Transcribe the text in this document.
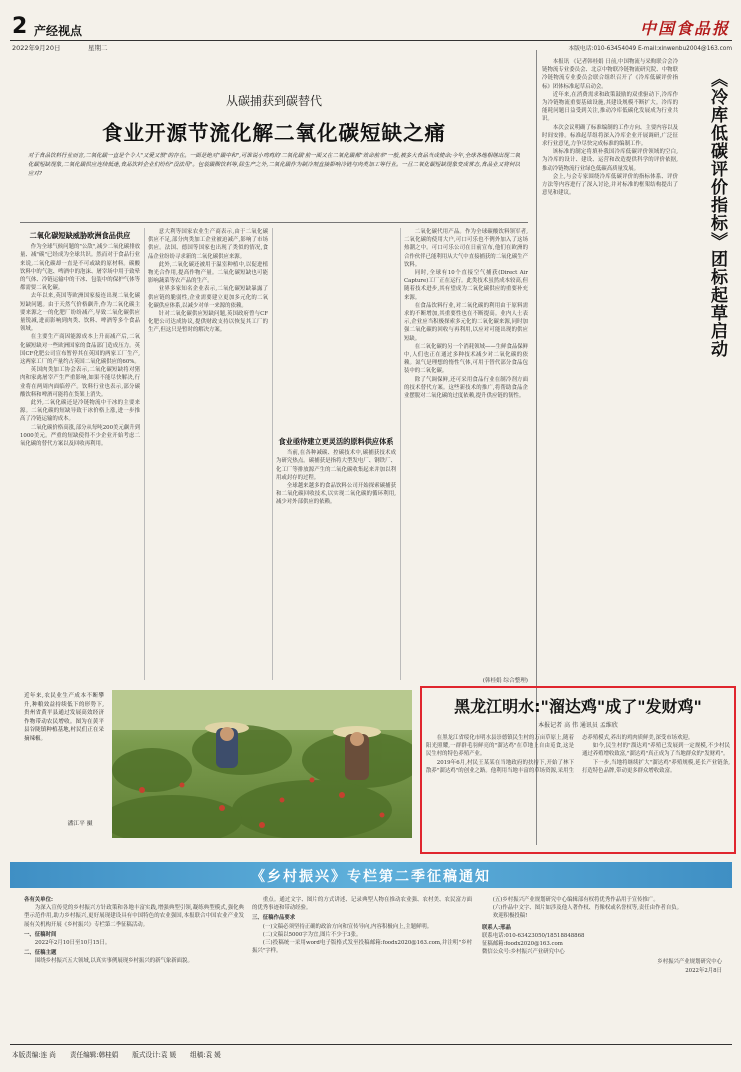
2 产经视点
2022年9月20日	星期二
中国食品报
本版电话:010-63454049 E-mail:xinwenbu2004@163.com
从碳捕获到碳替代
食业开源节流化解二氧化碳短缺之痛
对于食品饮料行业而言,二氧化碳一直是个令人"又爱又恨"的存在。一面是绝对"碳中和",可谁说小鸡鸡的'二氧化碳'前一面又在二氧化碳都"效命前率"一般,被多大食品当成使命;今年,全球各地相继出现二氧化碳短缺现象,二氧化碳供应连续低迷,食品饮料企业们纷纷"没法用"。包装碳酸饮料等,除生产之外,二氧化碳作为制冷剂直接影响冷链与肉类加工等行业。一旦二氧化碳短缺现象变成常态,食品业又将何以应对?
二氧化碳短缺威胁欧洲食品供应

作为全球气候问题的"公敌",减少二氧化碳排放量、减"碳"已经成为全球共识。然而对于食品行业来说,二氧化碳却一直是不可或缺的原材料。碳酸饮料中的气泡、啤酒中的泡沫、屠宰场中用于致晕的气体、冷链运输中的干冰、包装中的保护气体等都需要二氧化碳。

去年以来,英国等欧洲国家接连出现二氧化碳短缺问题。由于天然气价格飙升,作为二氧化碳主要来源之一的化肥厂纷纷减产,导致二氧化碳供应量锐减,进而影响到肉类、饮料、啤酒等多个食品领域。

在主要生产商因能源成本上升而减产后,二氧化碳短缺对一些欧洲国家的食品部门造成压力。英国CF化肥公司宣布暂停其在英国的两家工厂生产,这两家工厂的产量约占英国二氧化碳供应的60%。

英国肉类加工协会表示,二氧化碳短缺将对猪肉和家禽屠宰产生严重影响,如果不能尽快解决,行业将在两周内面临停产。饮料行业也表示,部分碳酸饮料和啤酒可能将在货架上消失。

此外,二氧化碳还是冷链物流中干冰的主要来源。二氧化碳的短缺导致干冰价格上涨,进一步推高了冷链运输的成本。

二氧化碳价格高涨,部分从每吨200美元飙升到1000美元。严重的短缺使得不少企业开始考虑二氧化碳的替代方案以及回收再利用。

意大利等国家农业生产商表示,由于二氧化碳供应不足,部分肉类加工企业被迫减产,影响了市场供应。法国、德国等国家也出现了类似的情况,食品企业纷纷寻求新的二氧化碳供应来源。

此外,二氧化碳还被用于温室种植中,以促进植物光合作用,提高作物产量。二氧化碳短缺也可能影响蔬菜等农产品的生产。

业界多家知名企业表示,二氧化碳短缺暴露了供应链的脆弱性,企业需要建立更加多元化的二氧化碳供应体系,以减少对单一来源的依赖。

针对二氧化碳供应短缺问题,英国政府曾与CF化肥公司达成协议,提供财政支持以恢复其工厂的生产,但这只是暂时的解决方案。

食业亟待建立更灵活的原料供应体系

当前,在各种减碳、控碳技术中,碳捕获技术成为研究热点。碳捕获是指将大型发电厂、钢铁厂、化工厂等排放源产生的二氧化碳收集起来并加以利用或封存的过程。

全球越来越多的食品饮料公司开始探索碳捕获和二氧化碳回收技术,以实现二氧化碳的循环利用,减少对外部供应的依赖。

二氧化碳代用产品。作为全球碳酸饮料领军者,二氧化碳的使用大户,可口可乐也不例外加入了这场热潮之中。可口可乐公司在日前宣布,他们在欧洲的合作伙伴已能利用从大气中直接捕获的二氧化碳生产饮料。

同时,全球有10个直接空气捕获(Direct Air Capture)工厂正在运行。此类技术虽然成本较高,但随着技术进步,其有望成为二氧化碳供应的重要补充来源。

在食品饮料行业,对二氧化碳的利用由于原料需求的不断增加,其重要性也在不断提高。业内人士表示,企业应当积极探索多元化的二氧化碳来源,同时加强二氧化碳的回收与再利用,以应对可能出现的供应短缺。

在二氧化碳的另一个消耗领域——生鲜食品保鲜中,人们也正在通过多种技术减少对二氧化碳的依赖。氮气是理想的惰性气体,可用于替代部分食品包装中的二氧化碳。

除了气调保鲜,还可采用食品行业在制冷剂方面的技术替代方案。这些新技术的推广,将帮助食品企业摆脱对二氧化碳的过度依赖,提升供应链的韧性。

(韩桂娟 综合整理)

本报讯 《记者韩桂娟 日前,中国物流与采购联合会冷链物流专业委员会、北京中物联冷链物流研究院、中物联冷链物流专业委员会联合组织召开了《冷库低碳评价指标》团体标准起草启动会。

近年来,在消费需求和政策鼓励的双重驱动下,冷库作为冷链物流重要基础设施,其建设规模不断扩大。冷库的能耗问题日益受到关注,推动冷库低碳化发展成为行业共识。

本次会议明确了标准编制的工作方向、主要内容以及时间安排。标准起草组将深入冷库企业开展调研,广泛征求行业意见,力争尽快完成标准的编制工作。

该标准的制定将填补我国冷库低碳评价领域的空白,为冷库的设计、建设、运营和改造提供科学的评价依据,推动冷链物流行业绿色低碳高质量发展。

会上,与会专家围绕冷库低碳评价的指标体系、评价方法等内容进行了深入讨论,并对标准的框架结构提出了意见和建议。	《冷库低碳评价指标》团标起草启动
近年来,农民业生产成本不断攀升,种粮效益持续低下的形势下,贵州省黄平县通过发展高效经济作物带动农民增收。图为在黄平县谷陇镇种植基地,村民们正在采摘辣椒。
潘江平 摄
黑龙江明水:"溜达鸡"成了"发财鸡"
本报记者 高 伟 通讯员 孟维欣

在黑龙江省绥化市明水县崇德镇民生村的万亩草原上,随着阳光照耀,一群群毛羽鲜亮的"溜达鸡"在草地上自由觅食,这是民生村的特色养殖产业。

2019年6月,村民王某某在当地政府的扶持下,开始了林下散养"溜达鸡"的创业之路。他利用当地丰富的草场资源,采用生态养殖模式,养出的鸡肉质鲜美,深受市场欢迎。

如今,民生村的"溜达鸡"养殖已发展到一定规模,不少村民通过养殖增收致富,"溜达鸡"真正成为了当地群众的"发财鸡"。

下一步,当地将继续扩大"溜达鸡"养殖规模,延长产业链条,打造特色品牌,带动更多群众增收致富。

《乡村振兴》专栏第二季征稿通知
各有关单位:

为深入宣传党的乡村振兴方针政策和各地丰富实践,增强典型引领,凝练典型模式,强化典型示范作用,助力乡村振兴,更好展现建设具有中国特色的农业强国,本报联合中国农业产业发展有关机构开展《乡村振兴》专栏第二季征稿活动。

一、征稿时间

2022年2月10日至10月15日。

二、征稿主题

围绕乡村振兴五大领域,以真实事例展现乡村振兴的新气象新面貌。

重点。通过文字、图片的方式讲述、记录典型人物在推动农业强、农村美、农民富方面的优秀事迹和带动经验。

三、征稿作品要求

(一)文稿必须坚持正确的政治方向和宣传导向,内容积极向上,主题鲜明。

(二)文稿以5000字为宜,图片不少于3张。

(三)投稿统一采用word电子版格式发至投稿邮箱:foodx2020@163.com,并注明"乡村振兴"字样。

(五)乡村振兴产业规划研究中心编辑部有权将优秀作品用于宣传推广。

(六)作品中文字、图片如涉及他人著作权、肖像权或名誉权等,责任由作者自负。

欢迎积极投稿!

联系人:邢晶
联系电话:010-63423050/18518848868
征稿邮箱:foodx2020@163.com
微信公众号:乡村振兴产业研究中心
乡村振兴产业规划研究中心
2022年2月8日
本版责编:连 尚 责任编辑:韩桂娟 版式设计:袁 媛 组稿:袁 媛
